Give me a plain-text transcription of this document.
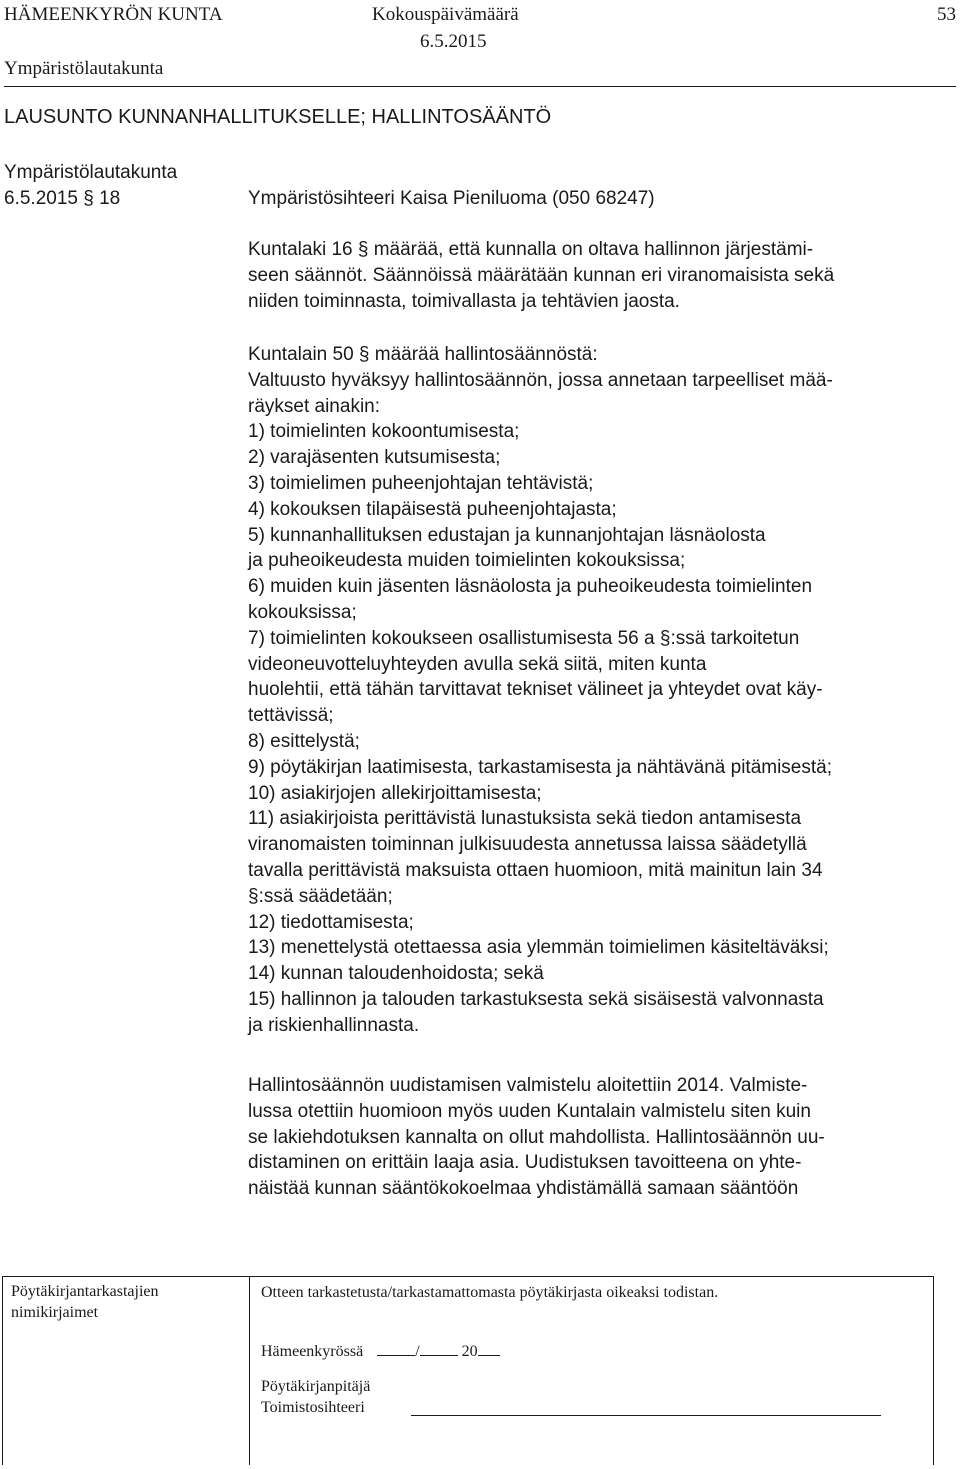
HÄMEENKYRÖN KUNTA	Kokouspäivämäärä
6.5.2015
53
Ympäristölautakunta
LAUSUNTO KUNNANHALLITUKSELLE; HALLINTOSÄÄNTÖ
Ympäristölautakunta
6.5.2015 § 18	Ympäristösihteeri Kaisa Pieniluoma (050 68247)
Kuntalaki 16 § määrää, että kunnalla on oltava hallinnon järjestämi-
seen säännöt. Säännöissä määrätään kunnan eri viranomaisista sekä
niiden toiminnasta, toimivallasta ja tehtävien jaosta.
Kuntalain 50 § määrää hallintosäännöstä:
Valtuusto hyväksyy hallintosäännön, jossa annetaan tarpeelliset mää-
räykset ainakin:
1) toimielinten kokoontumisesta;
2) varajäsenten kutsumisesta;
3) toimielimen puheenjohtajan tehtävistä;
4) kokouksen tilapäisestä puheenjohtajasta;
5) kunnanhallituksen edustajan ja kunnanjohtajan läsnäolosta
ja puheoikeudesta muiden toimielinten kokouksissa;
6) muiden kuin jäsenten läsnäolosta ja puheoikeudesta toimielinten
kokouksissa;
7) toimielinten kokoukseen osallistumisesta 56 a §:ssä tarkoitetun
videoneuvotteluyhteyden avulla sekä siitä, miten kunta
huolehtii, että tähän tarvittavat tekniset välineet ja yhteydet ovat käy-
tettävissä;
8) esittelystä;
9) pöytäkirjan laatimisesta, tarkastamisesta ja nähtävänä pitämisestä;
10) asiakirjojen allekirjoittamisesta;
11) asiakirjoista perittävistä lunastuksista sekä tiedon antamisesta
viranomaisten toiminnan julkisuudesta annetussa laissa säädetyllä
tavalla perittävistä maksuista ottaen huomioon, mitä mainitun lain 34
§:ssä säädetään;
12) tiedottamisesta;
13) menettelystä otettaessa asia ylemmän toimielimen käsiteltäväksi;
14) kunnan taloudenhoidosta; sekä
15) hallinnon ja talouden tarkastuksesta sekä sisäisestä valvonnasta
ja riskienhallinnasta.
Hallintosäännön uudistamisen valmistelu aloitettiin 2014. Valmiste-
lussa otettiin huomioon myös uuden Kuntalain valmistelu siten kuin
se lakiehdotuksen kannalta on ollut mahdollista. Hallintosäännön uu-
distaminen on erittäin laaja asia. Uudistuksen tavoitteena on yhte-
näistää kunnan sääntökokoelmaa yhdistämällä samaan sääntöön
Pöytäkirjantarkastajien
nimikirjaimet
Otteen tarkastetusta/tarkastamattomasta pöytäkirjasta oikeaksi todistan.
Hämeenkyrössä	/	20
Pöytäkirjanpitäjä
Toimistosihteeri
